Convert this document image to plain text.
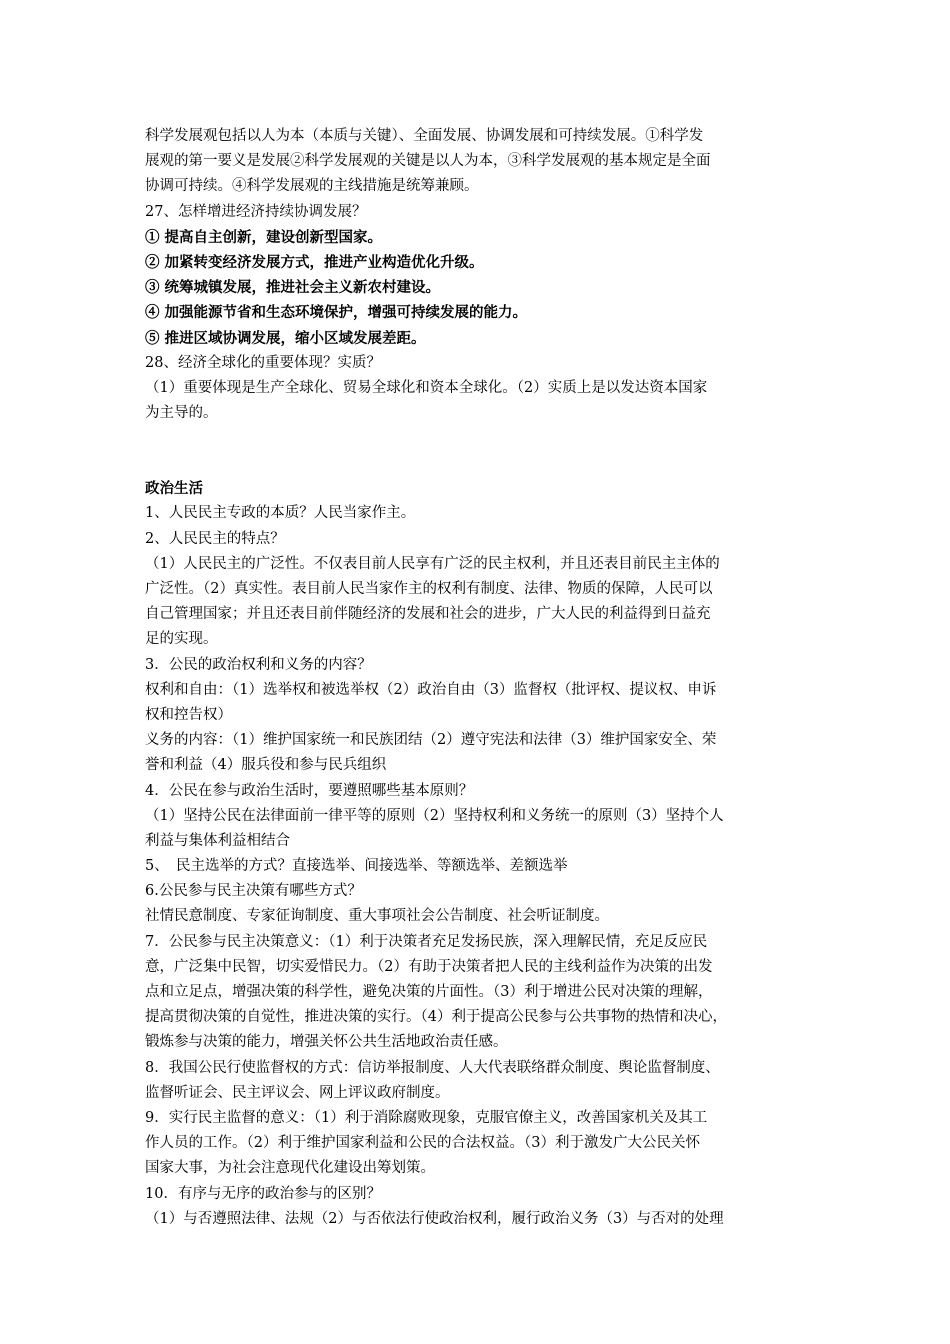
科学发展观包括以人为本（本质与关键）、全面发展、协调发展和可持续发展。①科学发
展观的第一要义是发展②科学发展观的关键是以人为本，③科学发展观的基本规定是全面
协调可持续。④科学发展观的主线措施是统筹兼顾。
27、怎样增进经济持续协调发展？
① 提高自主创新，建设创新型国家。
② 加紧转变经济发展方式，推进产业构造优化升级。
③ 统筹城镇发展，推进社会主义新农村建设。
④ 加强能源节省和生态环境保护，增强可持续发展的能力。
⑤ 推进区域协调发展，缩小区域发展差距。
28、经济全球化的重要体现？实质？
（1）重要体现是生产全球化、贸易全球化和资本全球化。（2）实质上是以发达资本国家
为主导的。
政治生活
1、人民民主专政的本质？人民当家作主。
2、人民民主的特点？
（1）人民民主的广泛性。不仅表目前人民享有广泛的民主权利，并且还表目前民主主体的
广泛性。（2）真实性。表目前人民当家作主的权利有制度、法律、物质的保障，人民可以
自己管理国家；并且还表目前伴随经济的发展和社会的进步，广大人民的利益得到日益充
足的实现。
3．公民的政治权利和义务的内容？
权利和自由：（1）选举权和被选举权（2）政治自由（3）监督权（批评权、提议权、申诉
权和控告权）
义务的内容：（1）维护国家统一和民族团结（2）遵守宪法和法律（3）维护国家安全、荣
誉和利益（4）服兵役和参与民兵组织
4．公民在参与政治生活时，要遵照哪些基本原则？
（1）坚持公民在法律面前一律平等的原则（2）坚持权利和义务统一的原则（3）坚持个人
利益与集体利益相结合
5、　民主选举的方式？直接选举、间接选举、等额选举、差额选举
6.公民参与民主决策有哪些方式？
社情民意制度、专家征询制度、重大事项社会公告制度、社会听证制度。
7．公民参与民主决策意义：（1）利于决策者充足发扬民族，深入理解民情，充足反应民
意，广泛集中民智，切实爱惜民力。（2）有助于决策者把人民的主线利益作为决策的出发
点和立足点，增强决策的科学性，避免决策的片面性。（3）利于增进公民对决策的理解，
提高贯彻决策的自觉性，推进决策的实行。（4）利于提高公民参与公共事物的热情和决心，
锻炼参与决策的能力，增强关怀公共生活地政治责任感。
8．我国公民行使监督权的方式：信访举报制度、人大代表联络群众制度、舆论监督制度、
监督听证会、民主评议会、网上评议政府制度。
9．实行民主监督的意义：（1）利于消除腐败现象，克服官僚主义，改善国家机关及其工
作人员的工作。（2）利于维护国家利益和公民的合法权益。（3）利于激发广大公民关怀
国家大事，为社会注意现代化建设出筹划策。
10．有序与无序的政治参与的区别？
（1）与否遵照法律、法规（2）与否依法行使政治权利，履行政治义务（3）与否对的处理
